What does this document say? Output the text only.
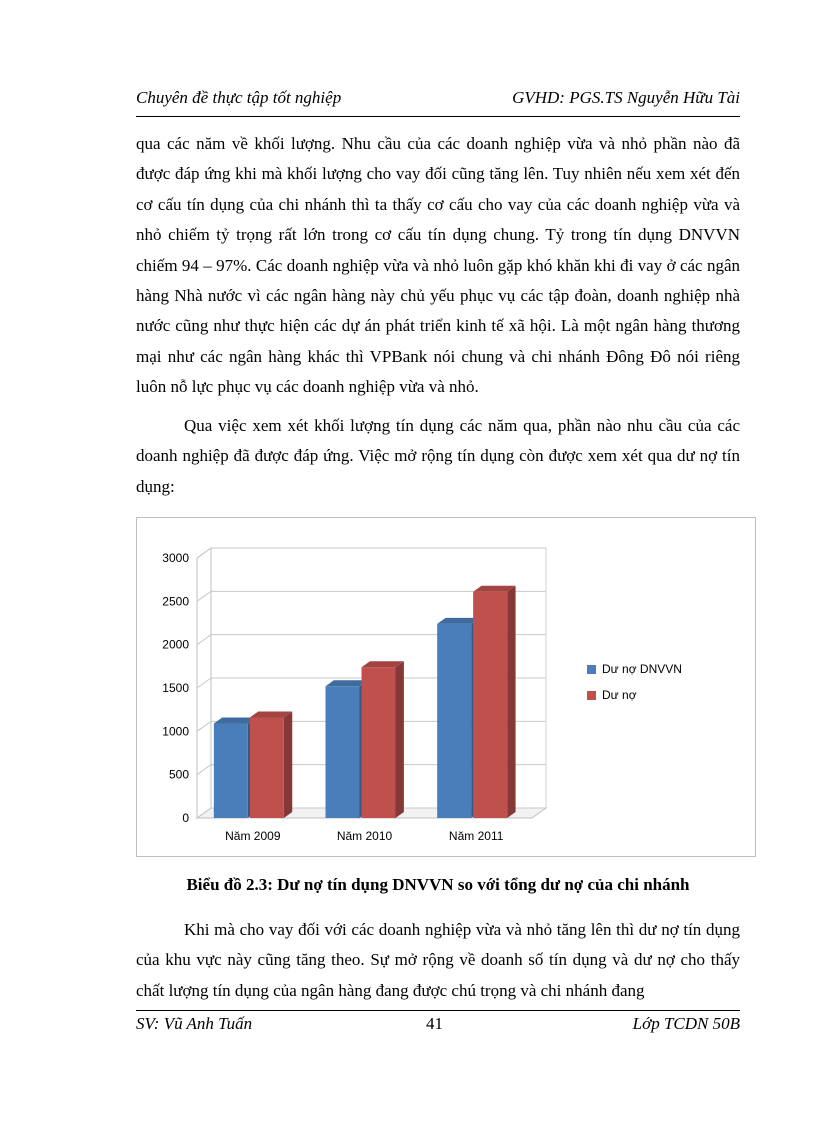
Chuyên đề thực tập tốt nghiệp	GVHD: PGS.TS Nguyễn Hữu Tài

qua các năm về khối lượng. Nhu cầu của các doanh nghiệp vừa và nhỏ phần nào đã được đáp ứng khi mà khối lượng cho vay đối cũng tăng lên. Tuy nhiên nếu xem xét đến cơ cấu tín dụng của chi nhánh thì ta thấy cơ cấu cho vay của các doanh nghiệp vừa và nhỏ chiếm tỷ trọng rất lớn trong cơ cấu tín dụng chung. Tỷ trong tín dụng DNVVN chiếm 94 – 97%. Các doanh nghiệp vừa và nhỏ luôn gặp khó khăn khi đi vay ở các ngân hàng Nhà nước vì các ngân hàng này chủ yếu phục vụ các tập đoàn, doanh nghiệp nhà nước cũng như thực hiện các dự án phát triển kinh tế xã hội. Là một ngân hàng thương mại như các ngân hàng khác thì VPBank nói chung và chi nhánh Đông Đô nói riêng luôn nỗ lực phục vụ các doanh nghiệp vừa và nhỏ.

Qua việc xem xét khối lượng tín dụng các năm qua, phần nào nhu cầu của các doanh nghiệp đã được đáp ứng. Việc mở rộng tín dụng còn được xem xét qua dư nợ tín dụng:

0
500
1000
1500
2000
2500
3000
Năm 2009	Năm 2010	Năm 2011
Dư nợ DNVVN
Dư nợ
Biểu đồ 2.3: Dư nợ tín dụng DNVVN so với tổng dư nợ của chi nhánh

Khi mà cho vay đối với các doanh nghiệp vừa và nhỏ tăng lên thì dư nợ tín dụng của khu vực này cũng tăng theo. Sự mở rộng về doanh số tín dụng và dư nợ cho thấy chất lượng tín dụng của ngân hàng đang được chú trọng và chi nhánh đang

SV: Vũ Anh Tuấn	41	Lớp TCDN 50B
